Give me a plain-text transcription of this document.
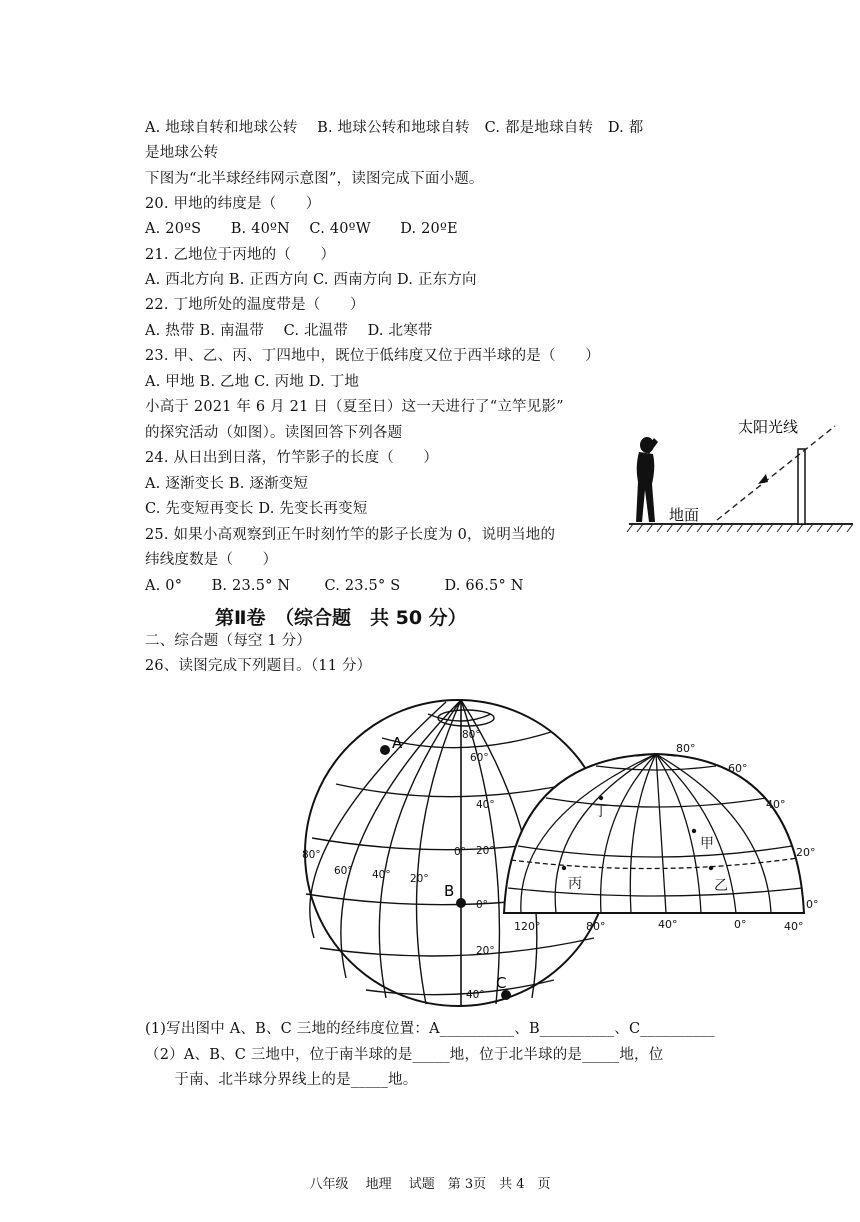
A. 地球自转和地球公转　 B. 地球公转和地球自转　C. 都是地球自转　D. 都
是地球公转
下图为“北半球经纬网示意图”，读图完成下面小题。
20. 甲地的纬度是（　　）
A. 20ºS　　B. 40ºN　 C. 40ºW　　D. 20ºE
21. 乙地位于丙地的（　　）
A. 西北方向 B. 正西方向 C. 西南方向 D. 正东方向
22. 丁地所处的温度带是（　　）
A. 热带 B. 南温带　 C. 北温带　 D. 北寒带
23. 甲、乙、丙、丁四地中，既位于低纬度又位于西半球的是（　　）
A. 甲地 B. 乙地 C. 丙地 D. 丁地
小高于 2021 年 6 月 21 日（夏至日）这一天进行了“立竿见影”
的探究活动（如图）。读图回答下列各题
24. 从日出到日落，竹竿影子的长度（　　）
A. 逐渐变长 B. 逐渐变短
C. 先变短再变长 D. 先变长再变短
25. 如果小高观察到正午时刻竹竿的影子长度为 0，说明当地的
纬线度数是（　　）
A. 0°　　B. 23.5° N　　 C. 23.5° S　　　D. 66.5° N
太阳光线
地面
第Ⅱ卷　（综合题　共 50 分）
二、综合题（每空 1 分）
26、读图完成下列题目。（11 分）
80°
60°
40°
20°
0°
20°
40°
80°
60° 40° 20°
0°
A
B
C
80°
60°
40°
20°
0°
120°	80°	40°	0°	40°
丁
甲
丙	乙
(1)写出图中 A、B、C 三地的经纬度位置：A__________、B__________、C__________
（2）A、B、C 三地中，位于南半球的是_____地，位于北半球的是_____地，位
　　于南、北半球分界线上的是_____地。
八年级　 地理　 试题　第 3页　共 4　页
